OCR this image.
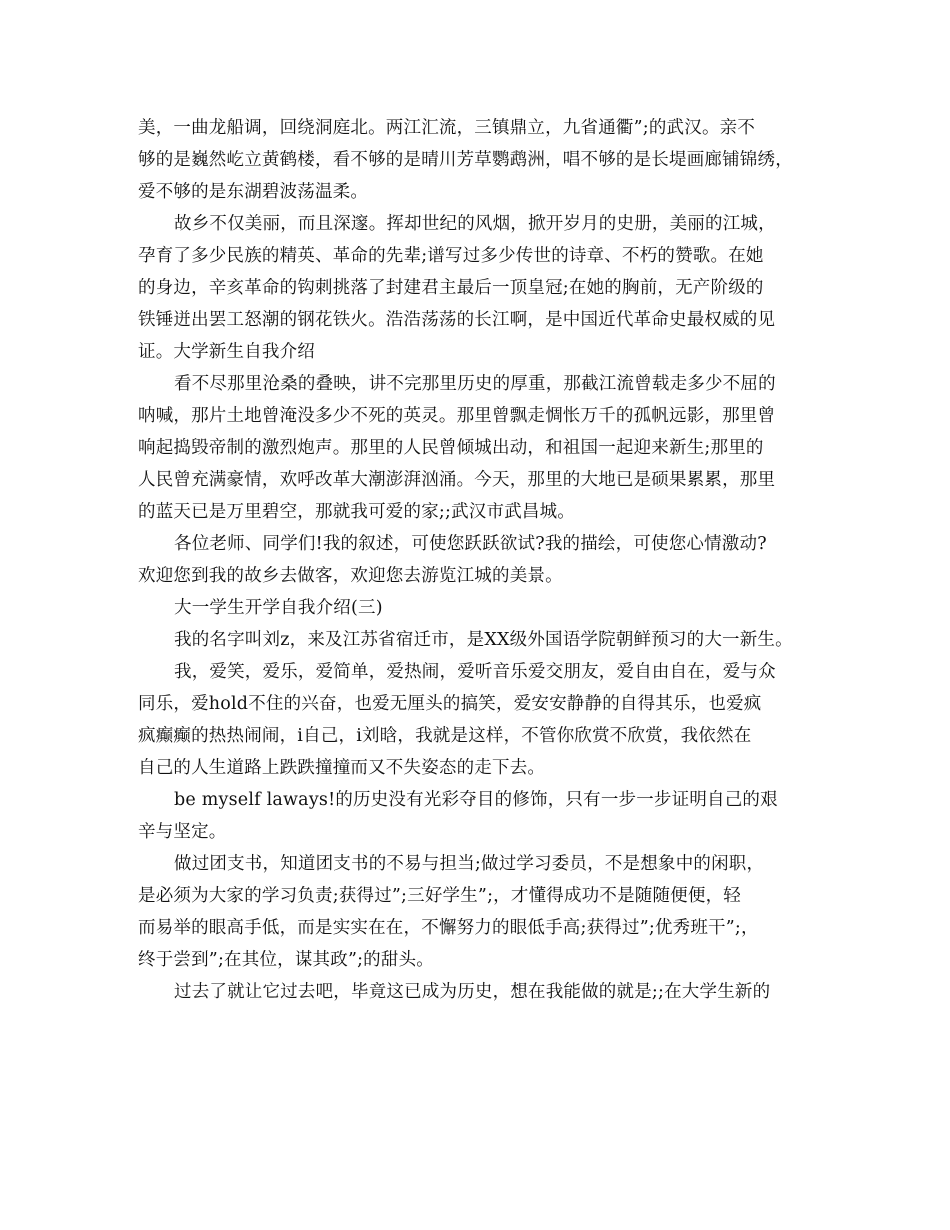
美，一曲龙船调，回绕洞庭北。两江汇流，三镇鼎立，九省通衢”;的武汉。亲不
够的是巍然屹立黄鹤楼，看不够的是晴川芳草鹦鹉洲，唱不够的是长堤画廊铺锦绣，
爱不够的是东湖碧波荡温柔。
故乡不仅美丽，而且深邃。挥却世纪的风烟，掀开岁月的史册，美丽的江城，
孕育了多少民族的精英、革命的先辈;谱写过多少传世的诗章、不朽的赞歌。在她
的身边，辛亥革命的钩刺挑落了封建君主最后一顶皇冠;在她的胸前，无产阶级的
铁锤迸出罢工怒潮的钢花铁火。浩浩荡荡的长江啊，是中国近代革命史最权威的见
证。大学新生自我介绍
看不尽那里沧桑的叠映，讲不完那里历史的厚重，那截江流曾载走多少不屈的
呐喊，那片土地曾淹没多少不死的英灵。那里曾飘走惆怅万千的孤帆远影，那里曾
响起捣毁帝制的激烈炮声。那里的人民曾倾城出动，和祖国一起迎来新生;那里的
人民曾充满豪情，欢呼改革大潮澎湃汹涌。今天，那里的大地已是硕果累累，那里
的蓝天已是万里碧空，那就我可爱的家;;武汉市武昌城。
各位老师、同学们!我的叙述，可使您跃跃欲试?我的描绘，可使您心情激动?
欢迎您到我的故乡去做客，欢迎您去游览江城的美景。
大一学生开学自我介绍(三)
我的名字叫刘z，来及江苏省宿迁市，是XX级外国语学院朝鲜预习的大一新生。
我，爱笑，爱乐，爱简单，爱热闹，爱听音乐爱交朋友，爱自由自在，爱与众
同乐，爱hold不住的兴奋，也爱无厘头的搞笑，爱安安静静的自得其乐，也爱疯
疯癫癫的热热闹闹，i自己，i刘晗，我就是这样，不管你欣赏不欣赏，我依然在
自己的人生道路上跌跌撞撞而又不失姿态的走下去。
be myself laways!的历史没有光彩夺目的修饰，只有一步一步证明自己的艰
辛与坚定。
做过团支书，知道团支书的不易与担当;做过学习委员，不是想象中的闲职，
是必须为大家的学习负责;获得过”;三好学生”;，才懂得成功不是随随便便，轻
而易举的眼高手低，而是实实在在，不懈努力的眼低手高;获得过”;优秀班干”;，
终于尝到”;在其位，谋其政”;的甜头。
过去了就让它过去吧，毕竟这已成为历史，想在我能做的就是;;在大学生新的
